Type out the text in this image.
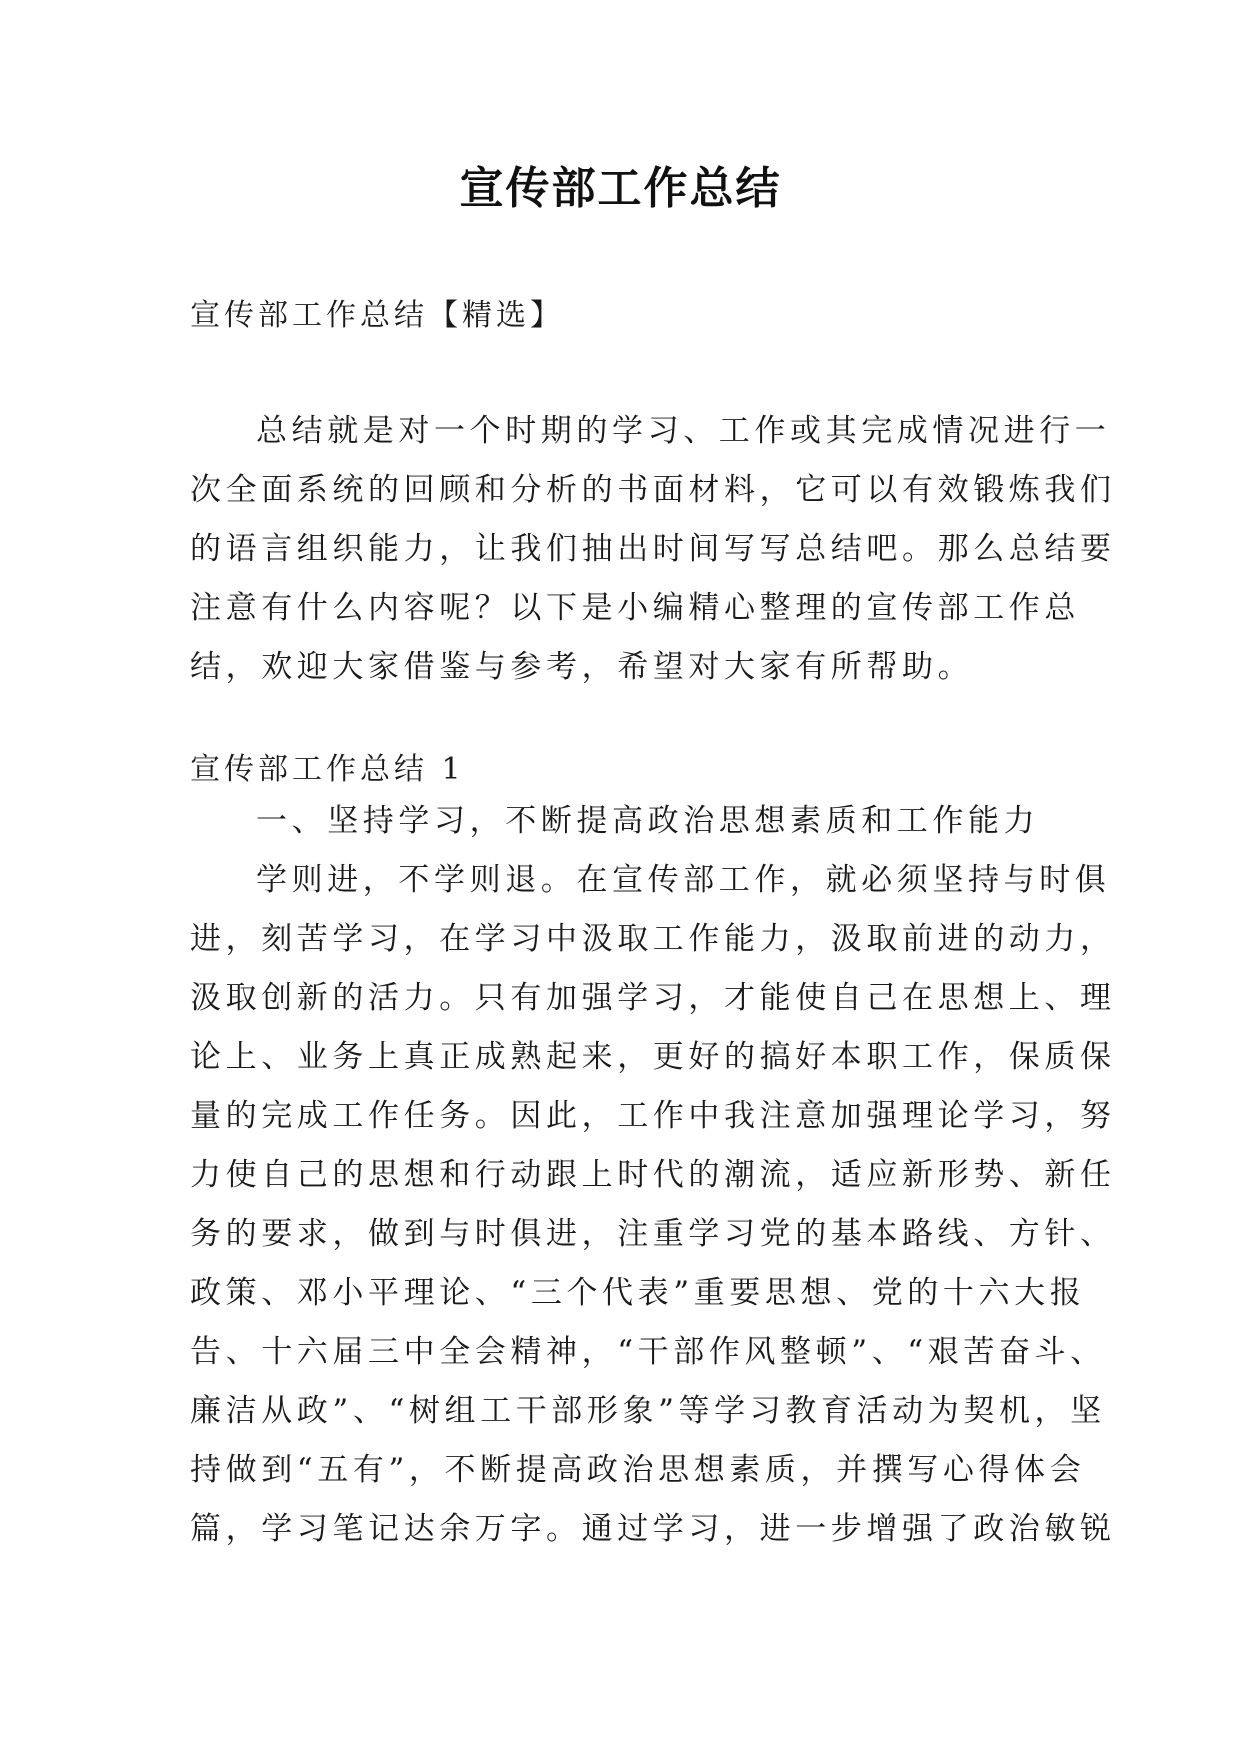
宣传部工作总结
宣传部工作总结【精选】
总结就是对一个时期的学习、工作或其完成情况进行一
次全面系统的回顾和分析的书面材料，它可以有效锻炼我们
的语言组织能力，让我们抽出时间写写总结吧。那么总结要
注意有什么内容呢？以下是小编精心整理的宣传部工作总
结，欢迎大家借鉴与参考，希望对大家有所帮助。
宣传部工作总结 1
一、坚持学习，不断提高政治思想素质和工作能力
学则进，不学则退。在宣传部工作，就必须坚持与时俱
进，刻苦学习，在学习中汲取工作能力，汲取前进的动力，
汲取创新的活力。只有加强学习，才能使自己在思想上、理
论上、业务上真正成熟起来，更好的搞好本职工作，保质保
量的完成工作任务。因此，工作中我注意加强理论学习，努
力使自己的思想和行动跟上时代的潮流，适应新形势、新任
务的要求，做到与时俱进，注重学习党的基本路线、方针、
政策、邓小平理论、“三个代表”重要思想、党的十六大报
告、十六届三中全会精神，“干部作风整顿”、“艰苦奋斗、
廉洁从政”、“树组工干部形象”等学习教育活动为契机，坚
持做到“五有”，不断提高政治思想素质，并撰写心得体会
篇，学习笔记达余万字。通过学习，进一步增强了政治敏锐
